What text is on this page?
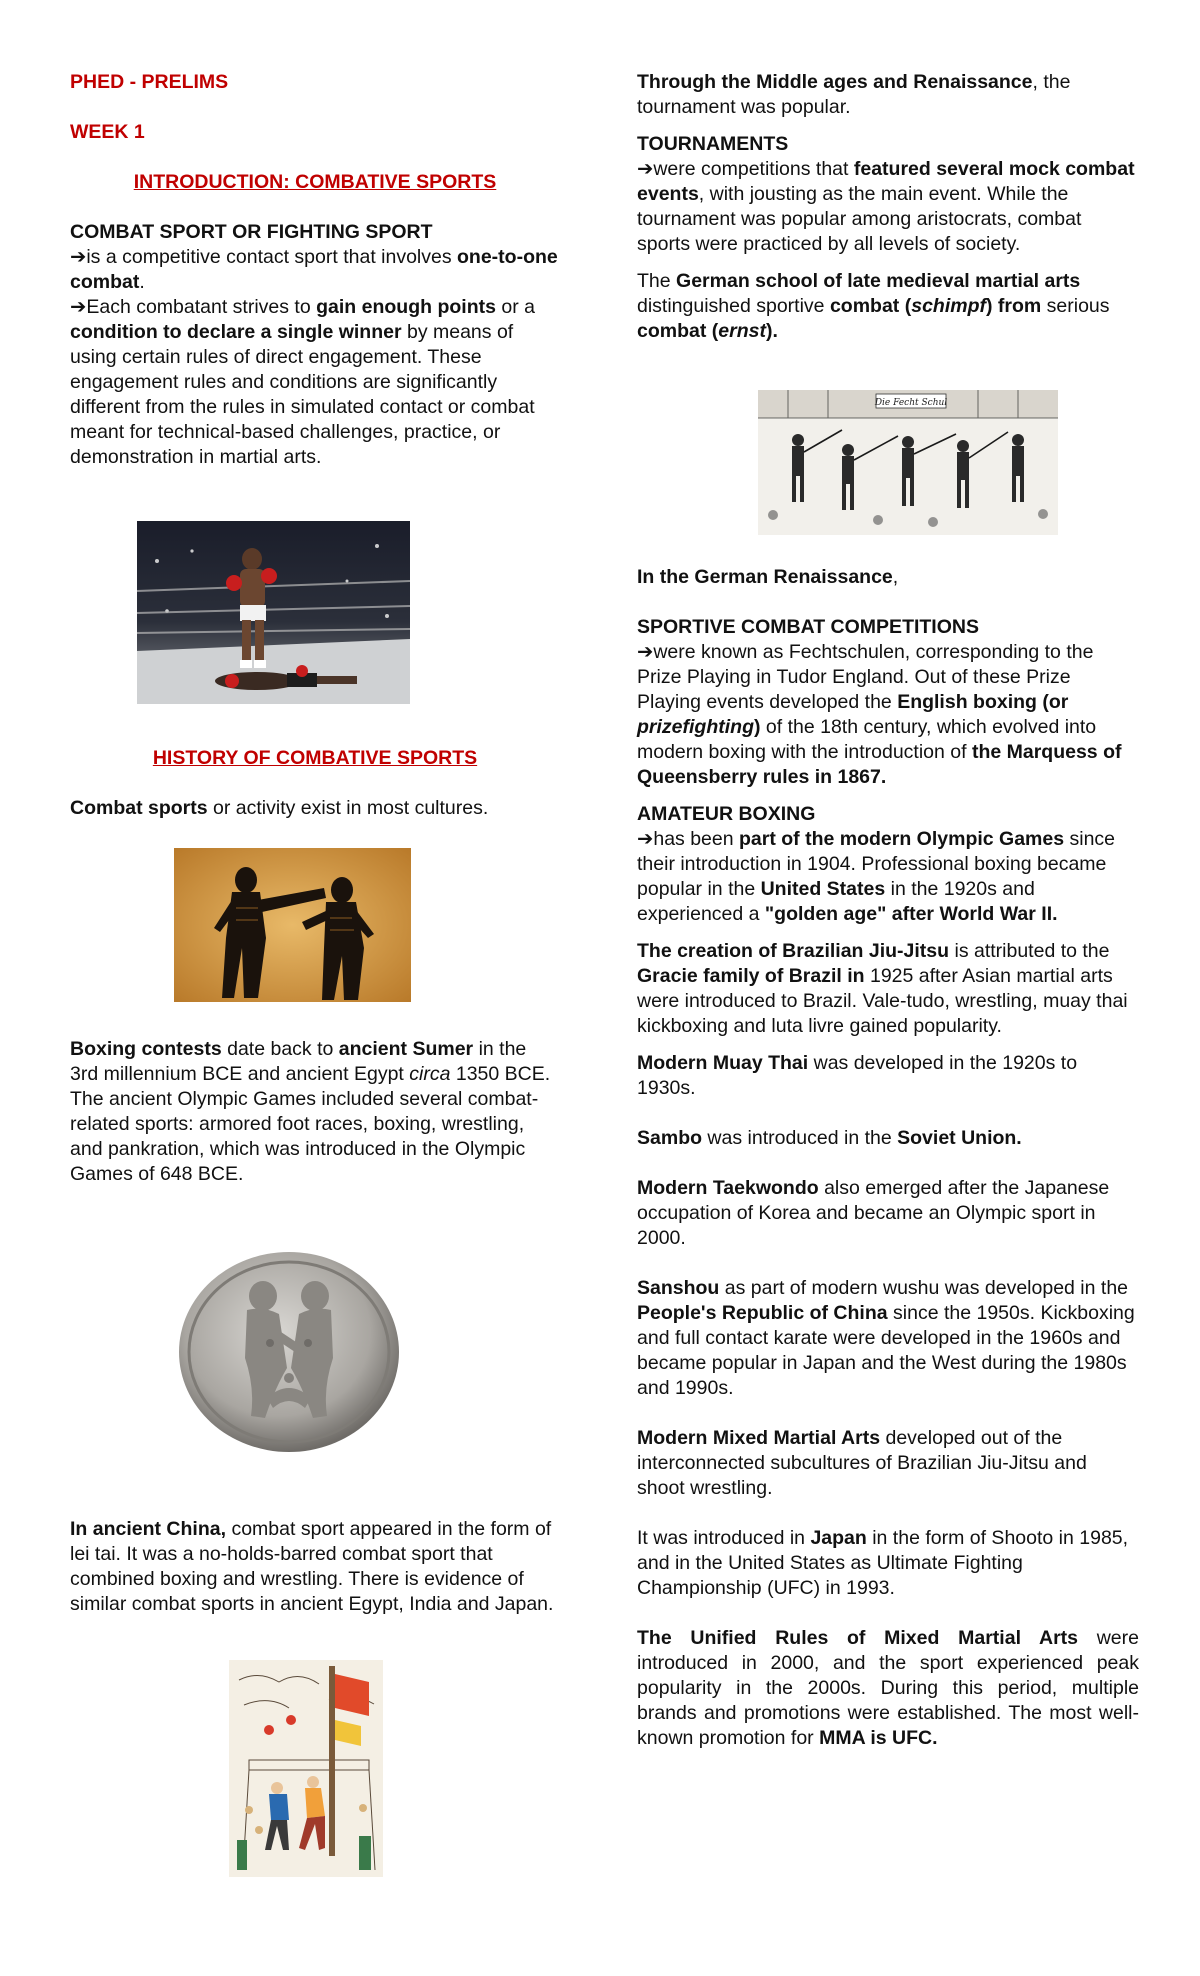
PHED - PRELIMS

WEEK 1

INTRODUCTION: COMBATIVE SPORTS

COMBAT SPORT OR FIGHTING SPORT

➔is a competitive contact sport that involves one-to-one combat.

➔Each combatant strives to gain enough points or a condition to declare a single winner by means of using certain rules of direct engagement. These engagement rules and conditions are significantly different from the rules in simulated contact or combat meant for technical-based challenges, practice, or demonstration in martial arts.

HISTORY OF COMBATIVE SPORTS

Combat sports or activity exist in most cultures.

Boxing contests date back to ancient Sumer in the 3rd millennium BCE and ancient Egypt circa 1350 BCE. The ancient Olympic Games included several combat-related sports: armored foot races, boxing, wrestling, and pankration, which was introduced in the Olympic Games of 648 BCE.

In ancient China, combat sport appeared in the form of lei tai. It was a no-holds-barred combat sport that combined boxing and wrestling. There is evidence of similar combat sports in ancient Egypt, India and Japan.

Through the Middle ages and Renaissance, the tournament was popular.

TOURNAMENTS

➔were competitions that featured several mock combat events, with jousting as the main event. While the tournament was popular among aristocrats, combat sports were practiced by all levels of society.

The German school of late medieval martial arts distinguished sportive combat (schimpf) from serious combat (ernst).

Die Fecht Schul

In the German Renaissance,

SPORTIVE COMBAT COMPETITIONS

➔were known as Fechtschulen, corresponding to the Prize Playing in Tudor England. Out of these Prize Playing events developed the English boxing (or prizefighting) of the 18th century, which evolved into modern boxing with the introduction of the Marquess of Queensberry rules in 1867.

AMATEUR BOXING

➔has been part of the modern Olympic Games since their introduction in 1904. Professional boxing became popular in the United States in the 1920s and experienced a "golden age" after World War II.

The creation of Brazilian Jiu-Jitsu is attributed to the Gracie family of Brazil in 1925 after Asian martial arts were introduced to Brazil. Vale-tudo, wrestling, muay thai kickboxing and luta livre gained popularity.

Modern Muay Thai was developed in the 1920s to 1930s.

Sambo was introduced in the Soviet Union.

Modern Taekwondo also emerged after the Japanese occupation of Korea and became an Olympic sport in 2000.

Sanshou as part of modern wushu was developed in the People's Republic of China since the 1950s. Kickboxing and full contact karate were developed in the 1960s and became popular in Japan and the West during the 1980s and 1990s.

Modern Mixed Martial Arts developed out of the interconnected subcultures of Brazilian Jiu-Jitsu and shoot wrestling.

It was introduced in Japan in the form of Shooto in 1985, and in the United States as Ultimate Fighting Championship (UFC) in 1993.

The Unified Rules of Mixed Martial Arts were introduced in 2000, and the sport experienced peak popularity in the 2000s. During this period, multiple brands and promotions were established. The most well-known promotion for MMA is UFC.
